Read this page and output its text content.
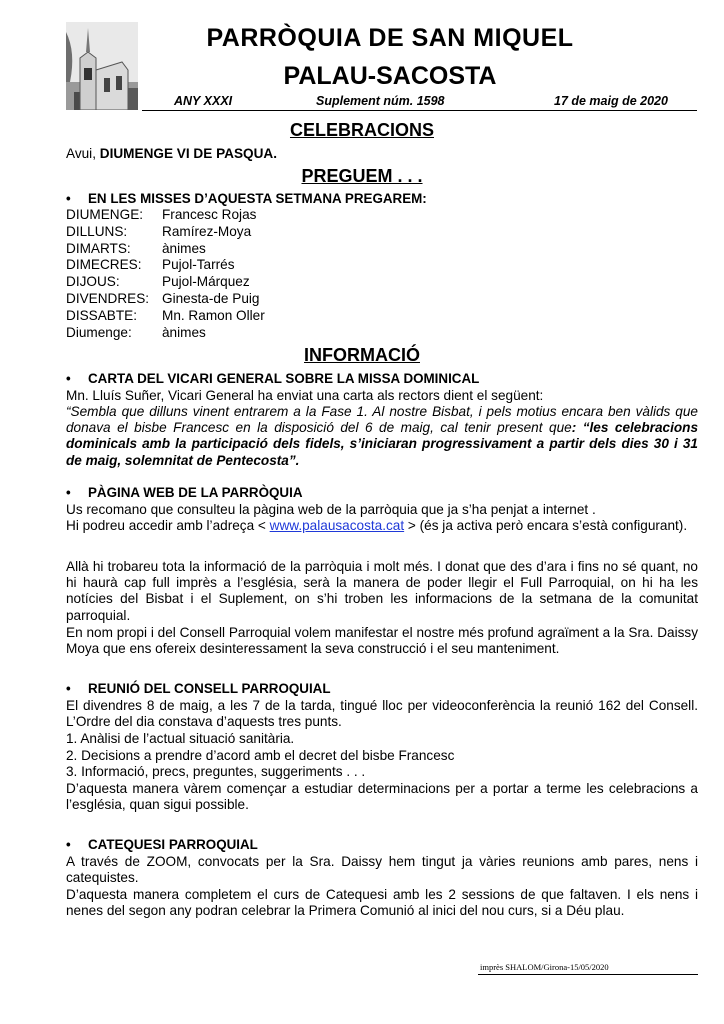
PARRÒQUIA DE SAN MIQUEL
PALAU-SACOSTA
ANY XXXI	Suplement núm. 1598	17 de maig de 2020
CELEBRACIONS
Avui, DIUMENGE VI DE PASQUA.
PREGUEM . . .
• EN LES MISSES D’AQUESTA SETMANA PREGAREM:
DIUMENGE: Francesc Rojas
DILLUNS:	Ramírez-Moya
DIMARTS: ànimes
DIMECRES: Pujol-Tarrés
DIJOUS:	Pujol-Márquez
DIVENDRES: Ginesta-de Puig
DISSABTE: Mn. Ramon Oller
Diumenge: ànimes
INFORMACIÓ
• CARTA DEL VICARI GENERAL SOBRE LA MISSA DOMINICAL
Mn. Lluís Suñer, Vicari General ha enviat una carta als rectors dient el següent:
“Sembla que dilluns vinent entrarem a la Fase 1. Al nostre Bisbat, i pels motius encara ben vàlids que donava el bisbe Francesc en la disposició del 6 de maig, cal tenir present que: “les celebracions dominicals amb la participació dels fidels, s’iniciaran progressivament a partir dels dies 30 i 31 de maig, solemnitat de Pentecosta”.
• PÀGINA WEB DE LA PARRÒQUIA
Us recomano que consulteu la pàgina web de la parròquia que ja s’ha penjat a internet .
Hi podreu accedir amb l’adreça < www.palausacosta.cat > (és ja activa però encara s’està configurant).
Allà hi trobareu tota la informació de la parròquia i molt més. I donat que des d’ara i fins no sé quant, no hi haurà cap full imprès a l’església, serà la manera de poder llegir el Full Parroquial, on hi ha les notícies del Bisbat i el Suplement, on s’hi troben les informacions de la setmana de la comunitat parroquial.
En nom propi i del Consell Parroquial volem manifestar el nostre més profund agraïment a la Sra. Daissy Moya que ens ofereix desinteressament la seva construcció i el seu manteniment.
• REUNIÓ DEL CONSELL PARROQUIAL
El divendres 8 de maig, a les 7 de la tarda, tingué lloc per videoconferència la reunió 162 del Consell. L’Ordre del dia constava d’aquests tres punts.
1. Anàlisi de l’actual situació sanitària.
2. Decisions a prendre d’acord amb el decret del bisbe Francesc
3. Informació, precs, preguntes, suggeriments . . .
D’aquesta manera vàrem començar a estudiar determinacions per a portar a terme les celebracions a l’església, quan sigui possible.
• CATEQUESI PARROQUIAL
A través de ZOOM, convocats per la Sra. Daissy hem tingut ja vàries reunions amb pares, nens i catequistes.
D’aquesta manera completem el curs de Catequesi amb les 2 sessions de que faltaven. I els nens i nenes del segon any podran celebrar la Primera Comunió al inici del nou curs, si a Déu plau.
imprès SHALOM/Girona-15/05/2020
